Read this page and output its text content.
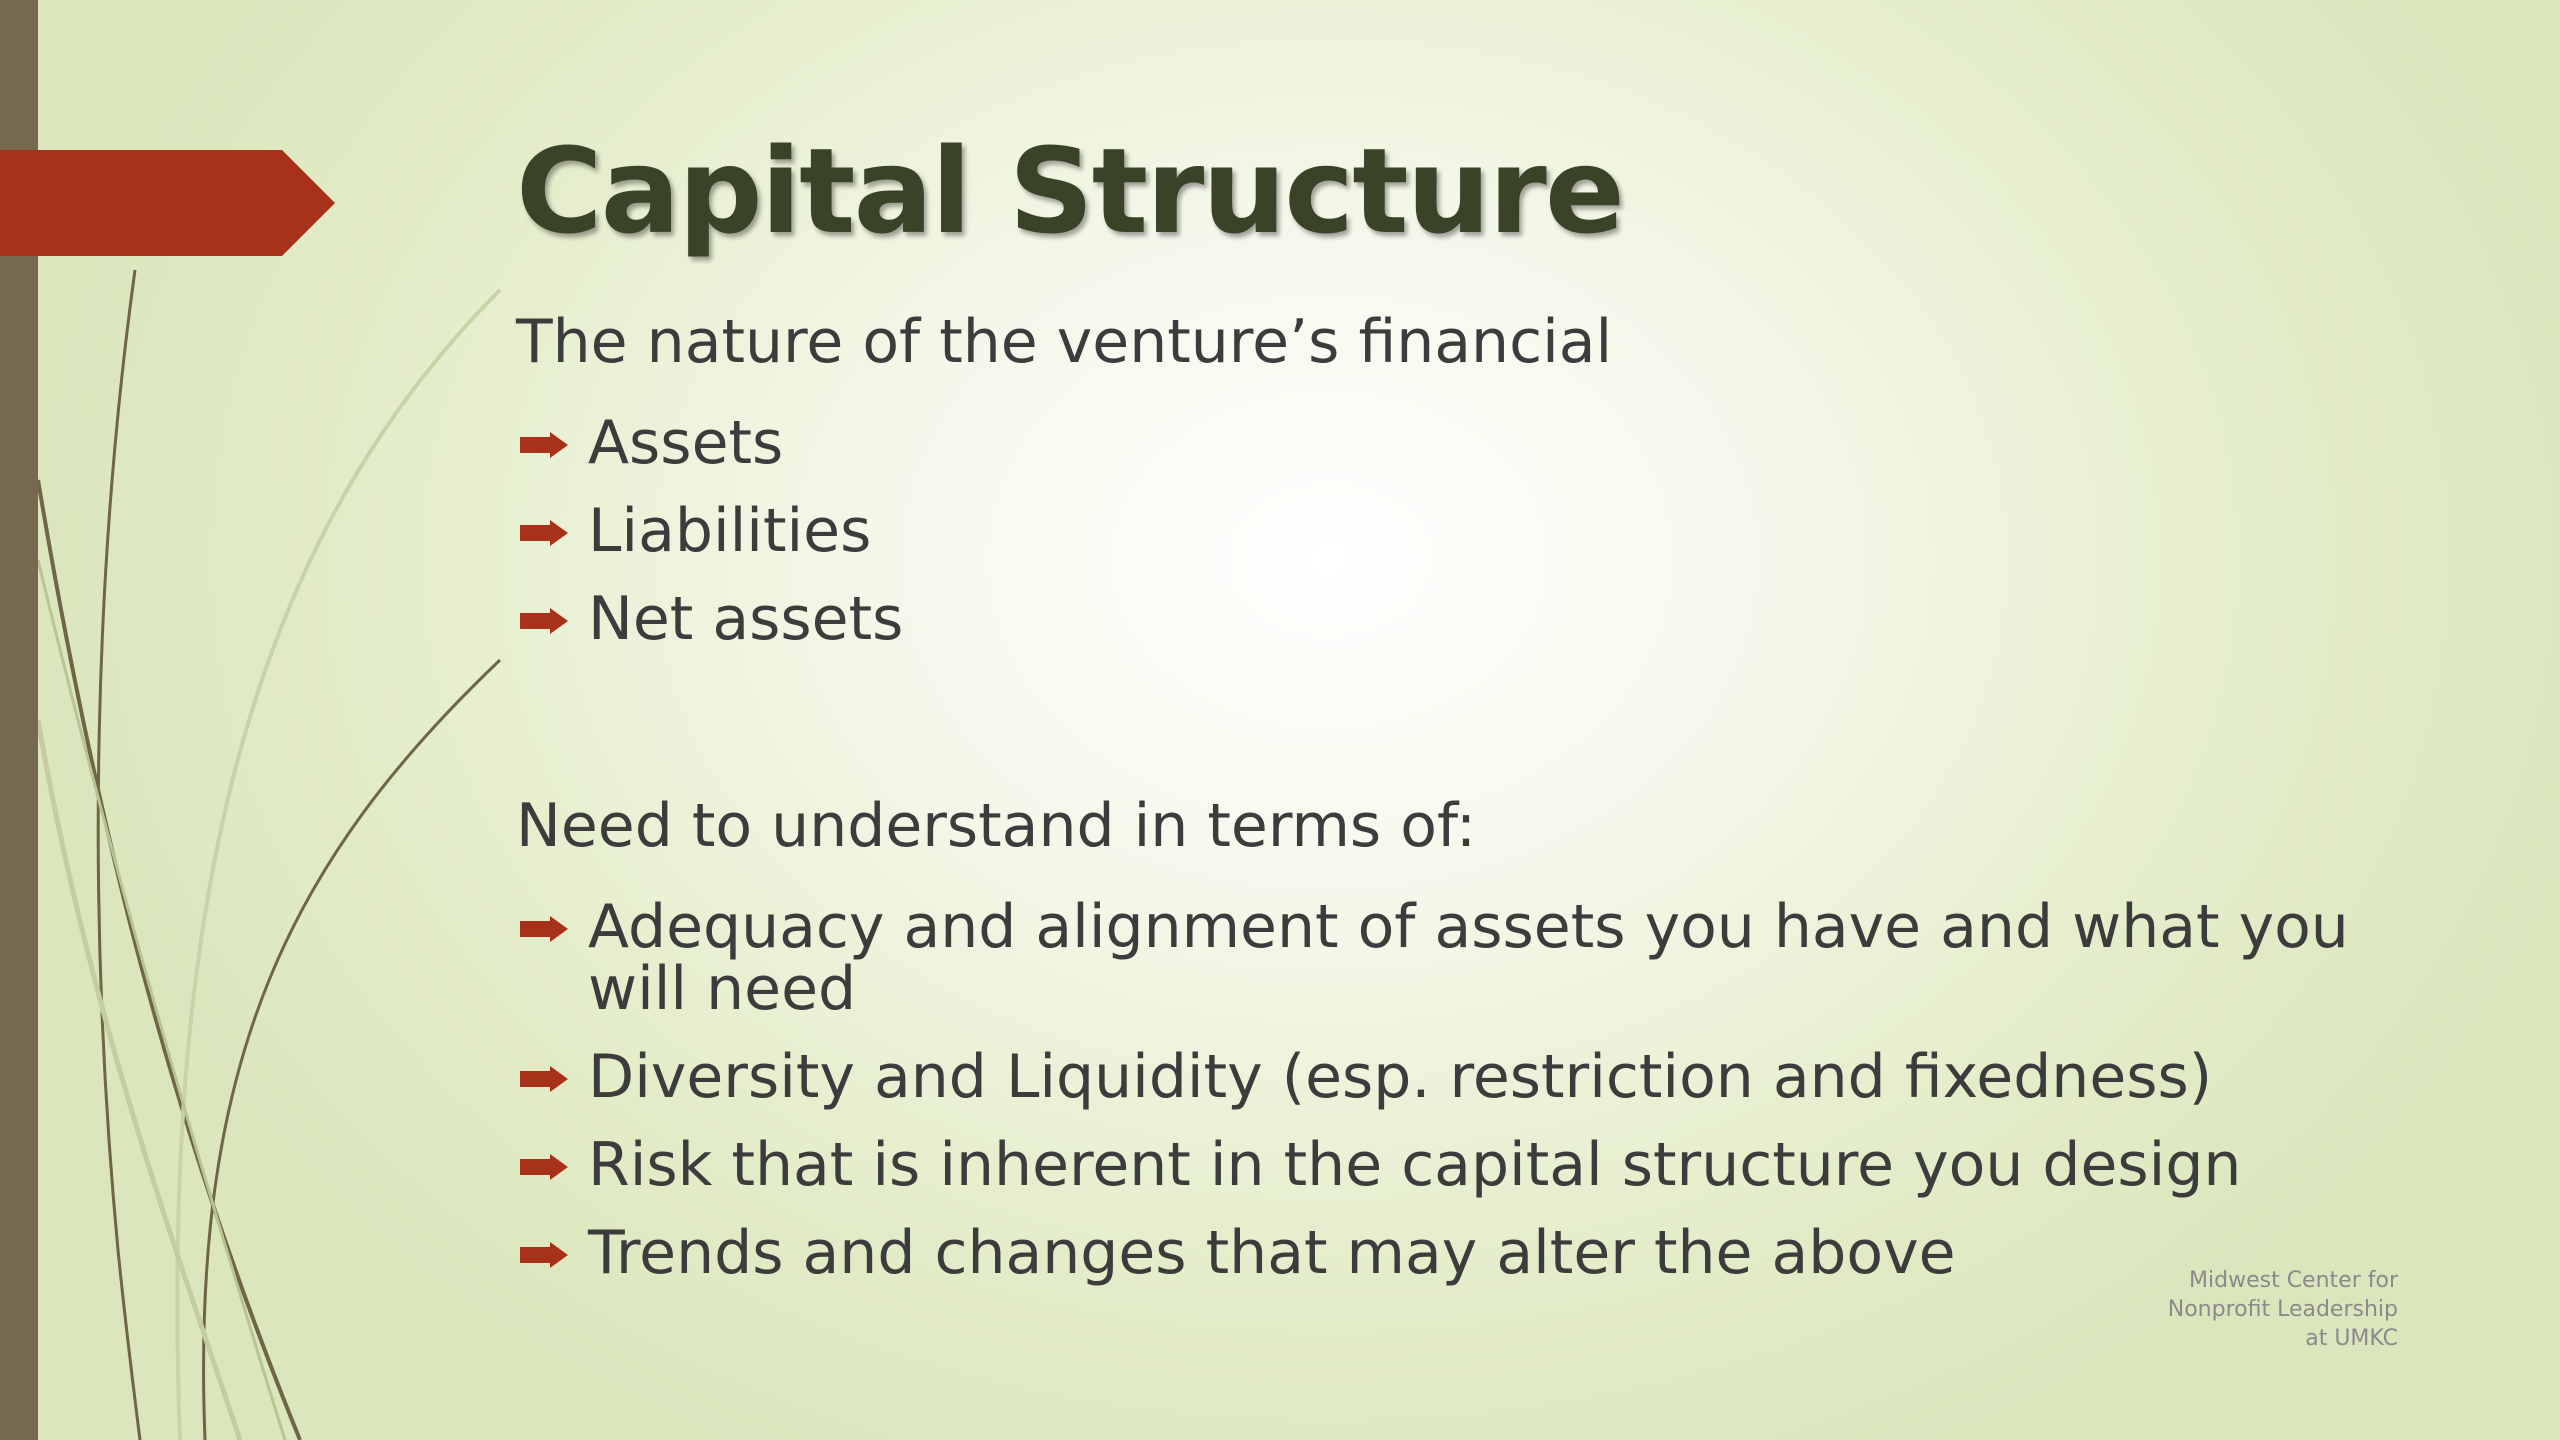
Capital Structure

The nature of the venture’s financial

Assets
Liabilities
Net assets

Need to understand in terms of:

Adequacy and alignment of assets you have and what you will need
Diversity and Liquidity (esp. restriction and fixedness)
Risk that is inherent in the capital structure you design
Trends and changes that may alter the above	Midwest Center for Nonprofit Leadership at UMKC
